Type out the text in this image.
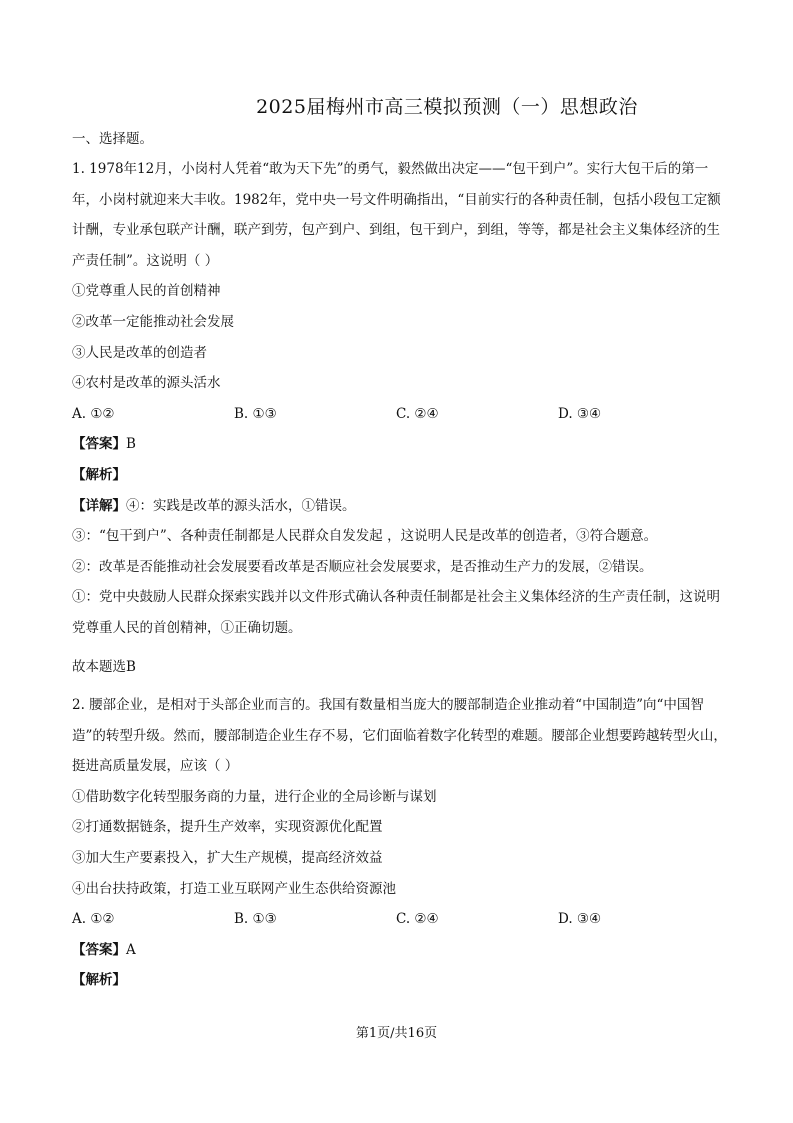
2025届梅州市高三模拟预测（一）思想政治
一、选择题。
1. 1978年12月，小岗村人凭着“敢为天下先”的勇气，毅然做出决定——“包干到户”。实行大包干后的第一年，小岗村就迎来大丰收。1982年，党中央一号文件明确指出，“目前实行的各种责任制，包括小段包工定额计酬，专业承包联产计酬，联产到劳，包产到户、到组，包干到户，到组，等等，都是社会主义集体经济的生产责任制”。这说明（ ）
①党尊重人民的首创精神
②改革一定能推动社会发展
③人民是改革的创造者
④农村是改革的源头活水
A. ①②	B. ①③	C. ②④	D. ③④
【答案】B
【解析】
【详解】④：实践是改革的源头活水，①错误。
③：“包干到户”、各种责任制都是人民群众自发发起 ，这说明人民是改革的创造者，③符合题意。
②：改革是否能推动社会发展要看改革是否顺应社会发展要求，是否推动生产力的发展，②错误。
①：党中央鼓励人民群众探索实践并以文件形式确认各种责任制都是社会主义集体经济的生产责任制，这说明党尊重人民的首创精神，①正确切题。
故本题选B
2. 腰部企业，是相对于头部企业而言的。我国有数量相当庞大的腰部制造企业推动着“中国制造”向“中国智造”的转型升级。然而，腰部制造企业生存不易，它们面临着数字化转型的难题。腰部企业想要跨越转型火山，挺进高质量发展，应该（ ）
①借助数字化转型服务商的力量，进行企业的全局诊断与谋划
②打通数据链条，提升生产效率，实现资源优化配置
③加大生产要素投入，扩大生产规模，提高经济效益
④出台扶持政策，打造工业互联网产业生态供给资源池
A. ①②	B. ①③	C. ②④	D. ③④
【答案】A
【解析】
第1页/共16页
